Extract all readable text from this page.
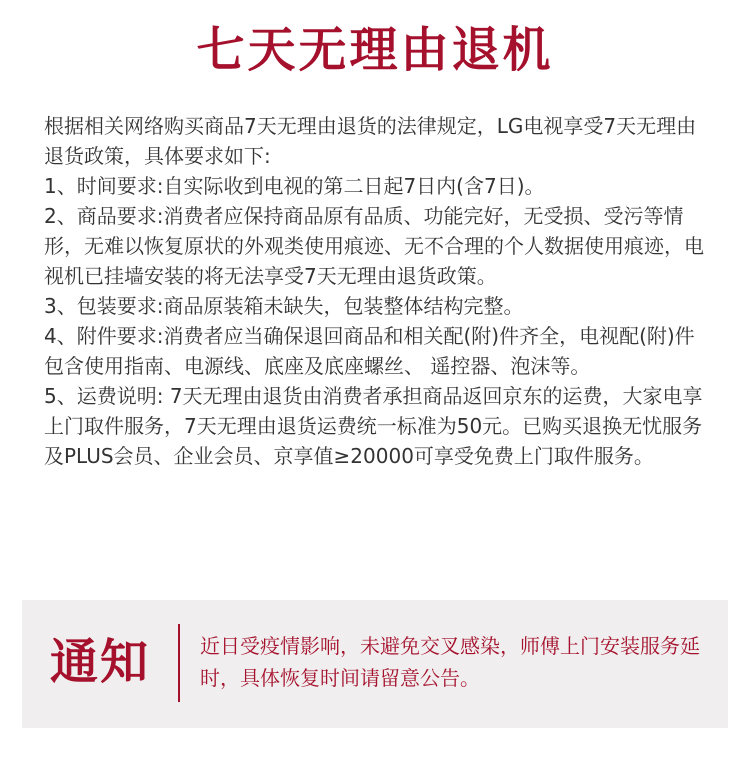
七天无理由退机

根据相关网络购买商品7天无理由退货的法律规定，LG电视享受7天无理由退货政策，具体要求如下:

1、时间要求:自实际收到电视的第二日起7日内(含7日)。

2、商品要求:消费者应保持商品原有品质、功能完好，无受损、受污等情形，无难以恢复原状的外观类使用痕迹、无不合理的个人数据使用痕迹，电视机已挂墙安装的将无法享受7天无理由退货政策。

3、包装要求:商品原装箱未缺失，包装整体结构完整。

4、附件要求:消费者应当确保退回商品和相关配(附)件齐全，电视配(附)件包含使用指南、电源线、底座及底座螺丝、 遥控器、泡沫等。

5、运费说明: 7天无理由退货由消费者承担商品返回京东的运费，大家电享上门取件服务，7天无理由退货运费统一标准为50元。已购买退换无忧服务及PLUS会员、企业会员、京享值≥20000可享受免费上门取件服务。

通知 近日受疫情影响，未避免交叉感染，师傅上门安装服务延时，具体恢复时间请留意公告。
